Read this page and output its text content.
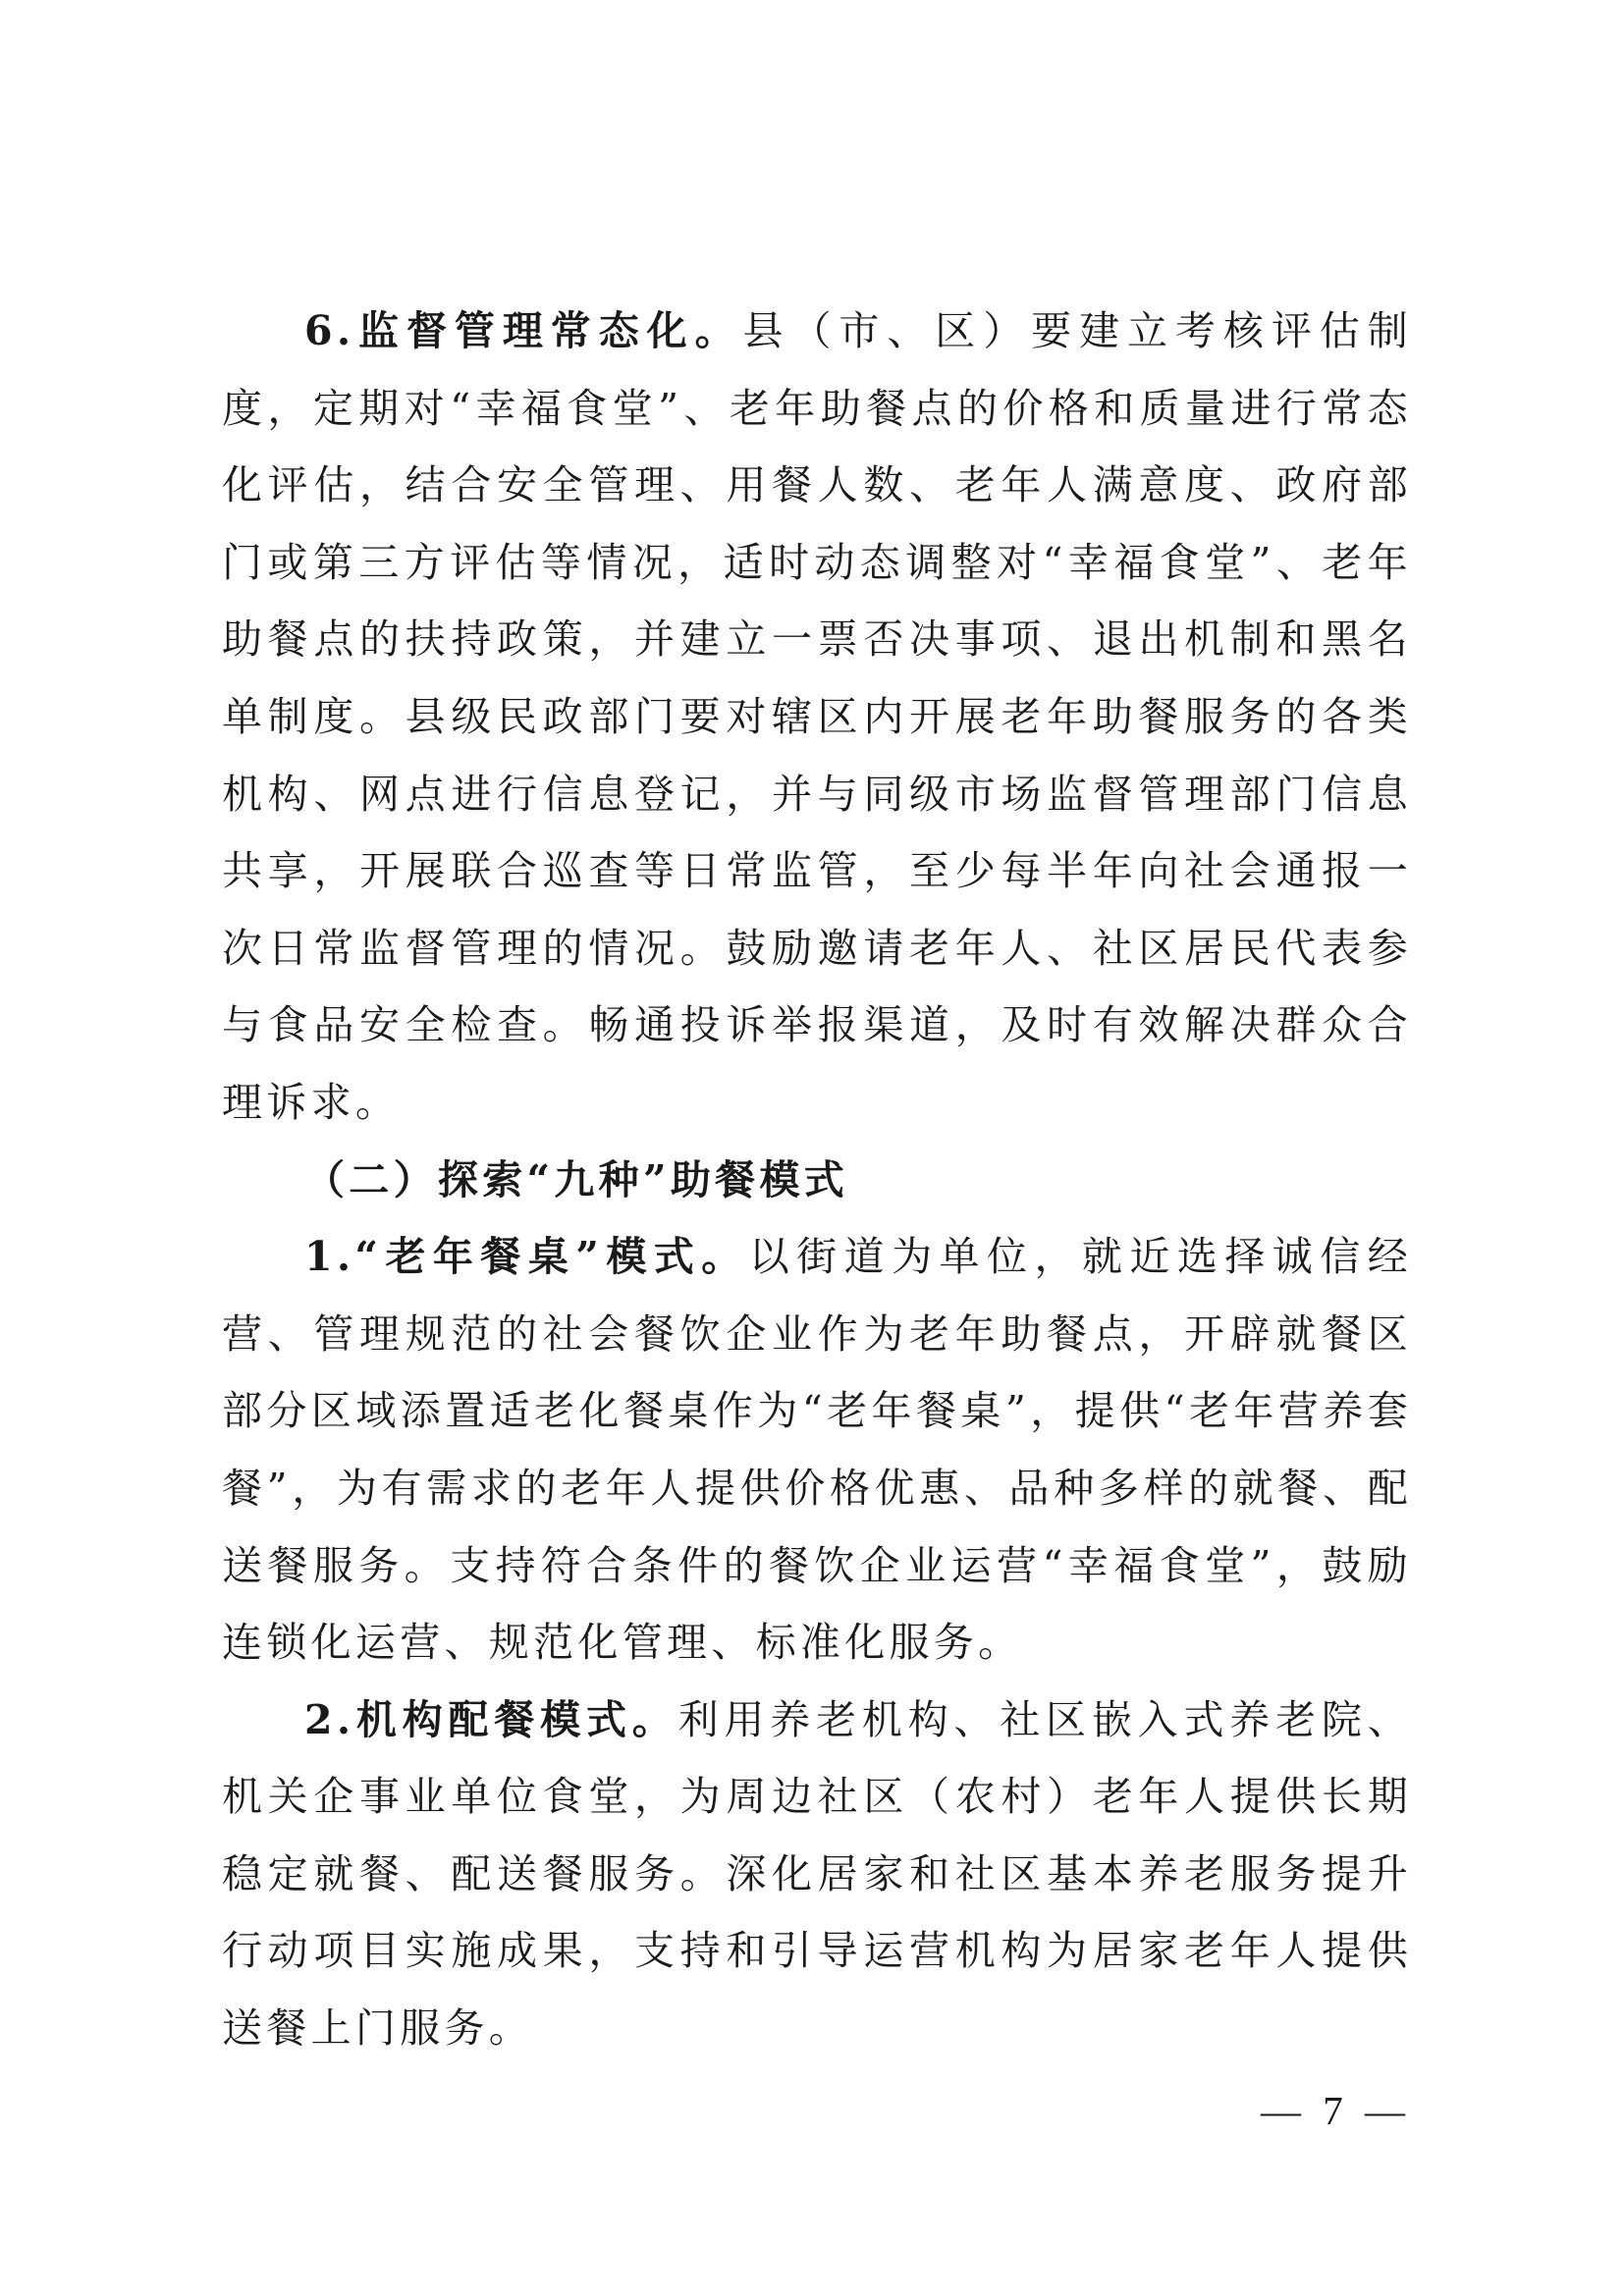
6.监督管理常态化。县（市、区）要建立考核评估制度，定期对“幸福食堂”、老年助餐点的价格和质量进行常态化评估，结合安全管理、用餐人数、老年人满意度、政府部门或第三方评估等情况，适时动态调整对“幸福食堂”、老年助餐点的扶持政策，并建立一票否决事项、退出机制和黑名单制度。县级民政部门要对辖区内开展老年助餐服务的各类机构、网点进行信息登记，并与同级市场监督管理部门信息共享，开展联合巡查等日常监管，至少每半年向社会通报一次日常监督管理的情况。鼓励邀请老年人、社区居民代表参与食品安全检查。畅通投诉举报渠道，及时有效解决群众合理诉求。

（二）探索“九种”助餐模式

1.“老年餐桌”模式。以街道为单位，就近选择诚信经营、管理规范的社会餐饮企业作为老年助餐点，开辟就餐区部分区域添置适老化餐桌作为“老年餐桌”，提供“老年营养套餐”，为有需求的老年人提供价格优惠、品种多样的就餐、配送餐服务。支持符合条件的餐饮企业运营“幸福食堂”，鼓励连锁化运营、规范化管理、标准化服务。

2.机构配餐模式。利用养老机构、社区嵌入式养老院、机关企事业单位食堂，为周边社区（农村）老年人提供长期稳定就餐、配送餐服务。深化居家和社区基本养老服务提升行动项目实施成果，支持和引导运营机构为居家老年人提供送餐上门服务。

— 7 —
